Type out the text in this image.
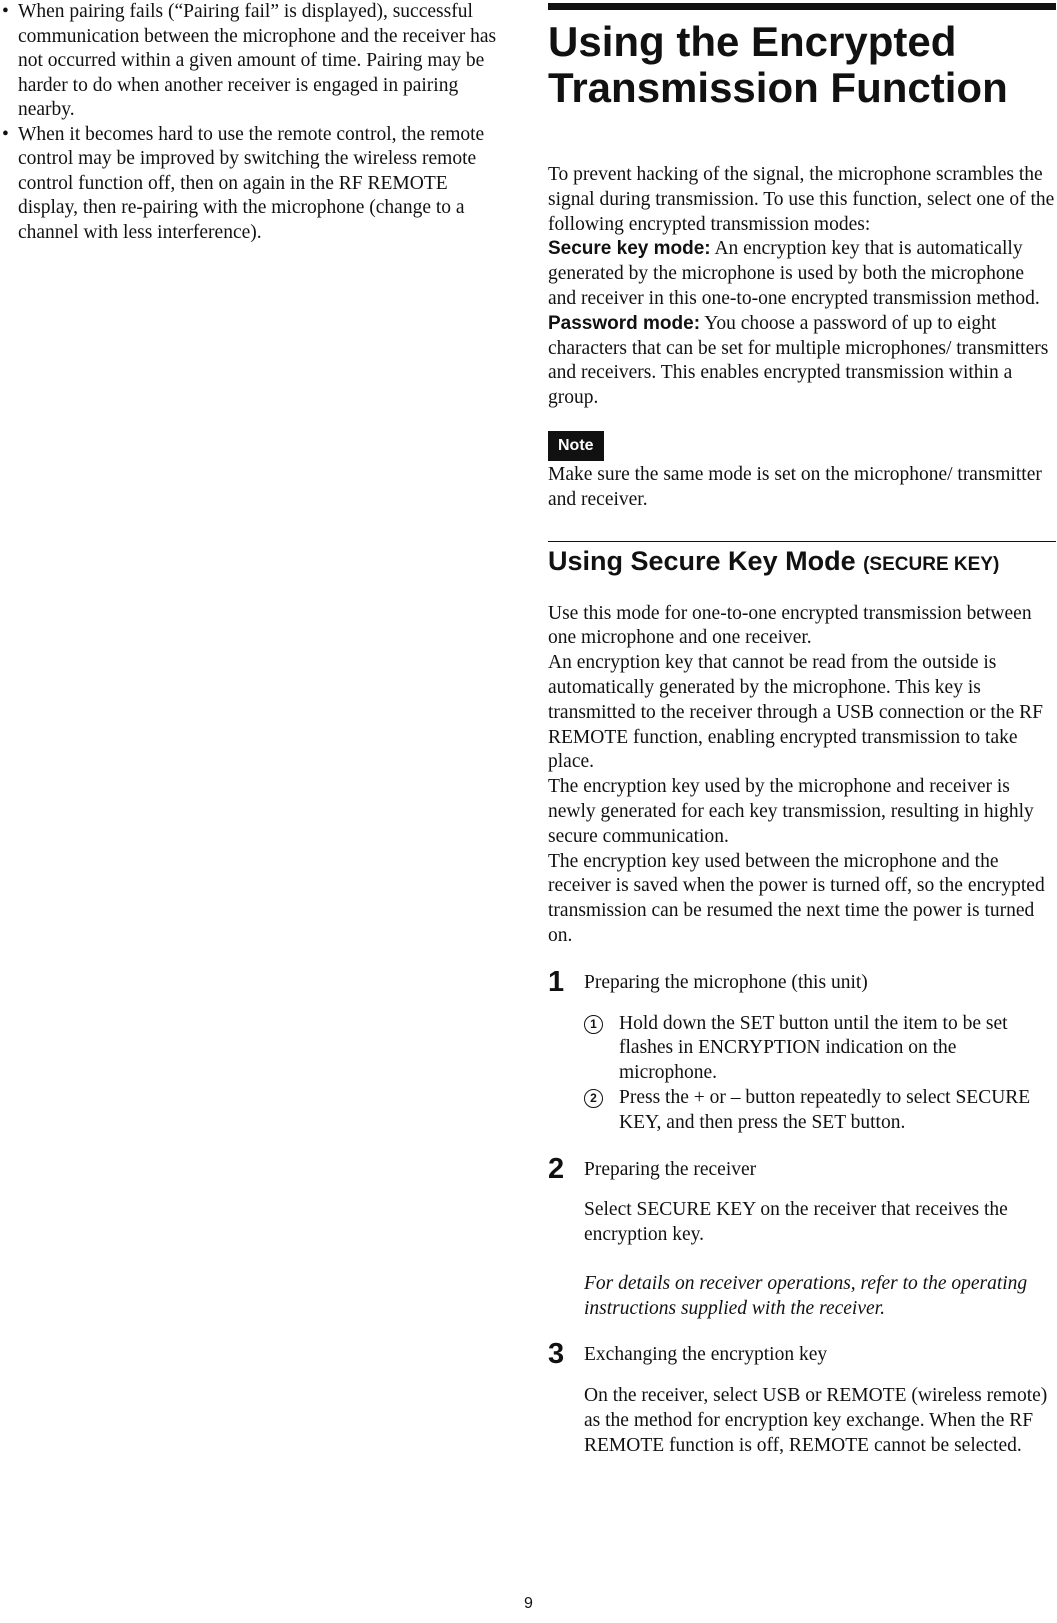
• When pairing fails (“Pairing fail” is displayed), successful communication between the microphone and the receiver has not occurred within a given amount of time. Pairing may be harder to do when another receiver is engaged in pairing nearby.
• When it becomes hard to use the remote control, the remote control may be improved by switching the wireless remote control function off, then on again in the RF REMOTE display, then re-pairing with the microphone (change to a channel with less interference).
Using the Encrypted Transmission Function

To prevent hacking of the signal, the microphone scrambles the signal during transmission. To use this function, select one of the following encrypted transmission modes:

Secure key mode: An encryption key that is automatically generated by the microphone is used by both the microphone and receiver in this one-to-one encrypted transmission method.

Password mode: You choose a password of up to eight characters that can be set for multiple microphones/ transmitters and receivers. This enables encrypted transmission within a group.

Note

Make sure the same mode is set on the microphone/ transmitter and receiver.

Using Secure Key Mode (SECURE KEY)

Use this mode for one-to-one encrypted transmission between one microphone and one receiver.

An encryption key that cannot be read from the outside is automatically generated by the microphone. This key is transmitted to the receiver through a USB connection or the RF REMOTE function, enabling encrypted transmission to take place.

The encryption key used by the microphone and receiver is newly generated for each key transmission, resulting in highly secure communication.

The encryption key used between the microphone and the receiver is saved when the power is turned off, so the encrypted transmission can be resumed the next time the power is turned on.

1 Preparing the microphone (this unit)

1	Hold down the SET button until the item to be set flashes in ENCRYPTION indication on the microphone.
2	Press the + or – button repeatedly to select SECURE KEY, and then press the SET button.
2 Preparing the receiver

Select SECURE KEY on the receiver that receives the encryption key.

For details on receiver operations, refer to the operating instructions supplied with the receiver.

3 Exchanging the encryption key

On the receiver, select USB or REMOTE (wireless remote) as the method for encryption key exchange. When the RF REMOTE function is off, REMOTE cannot be selected.

9
